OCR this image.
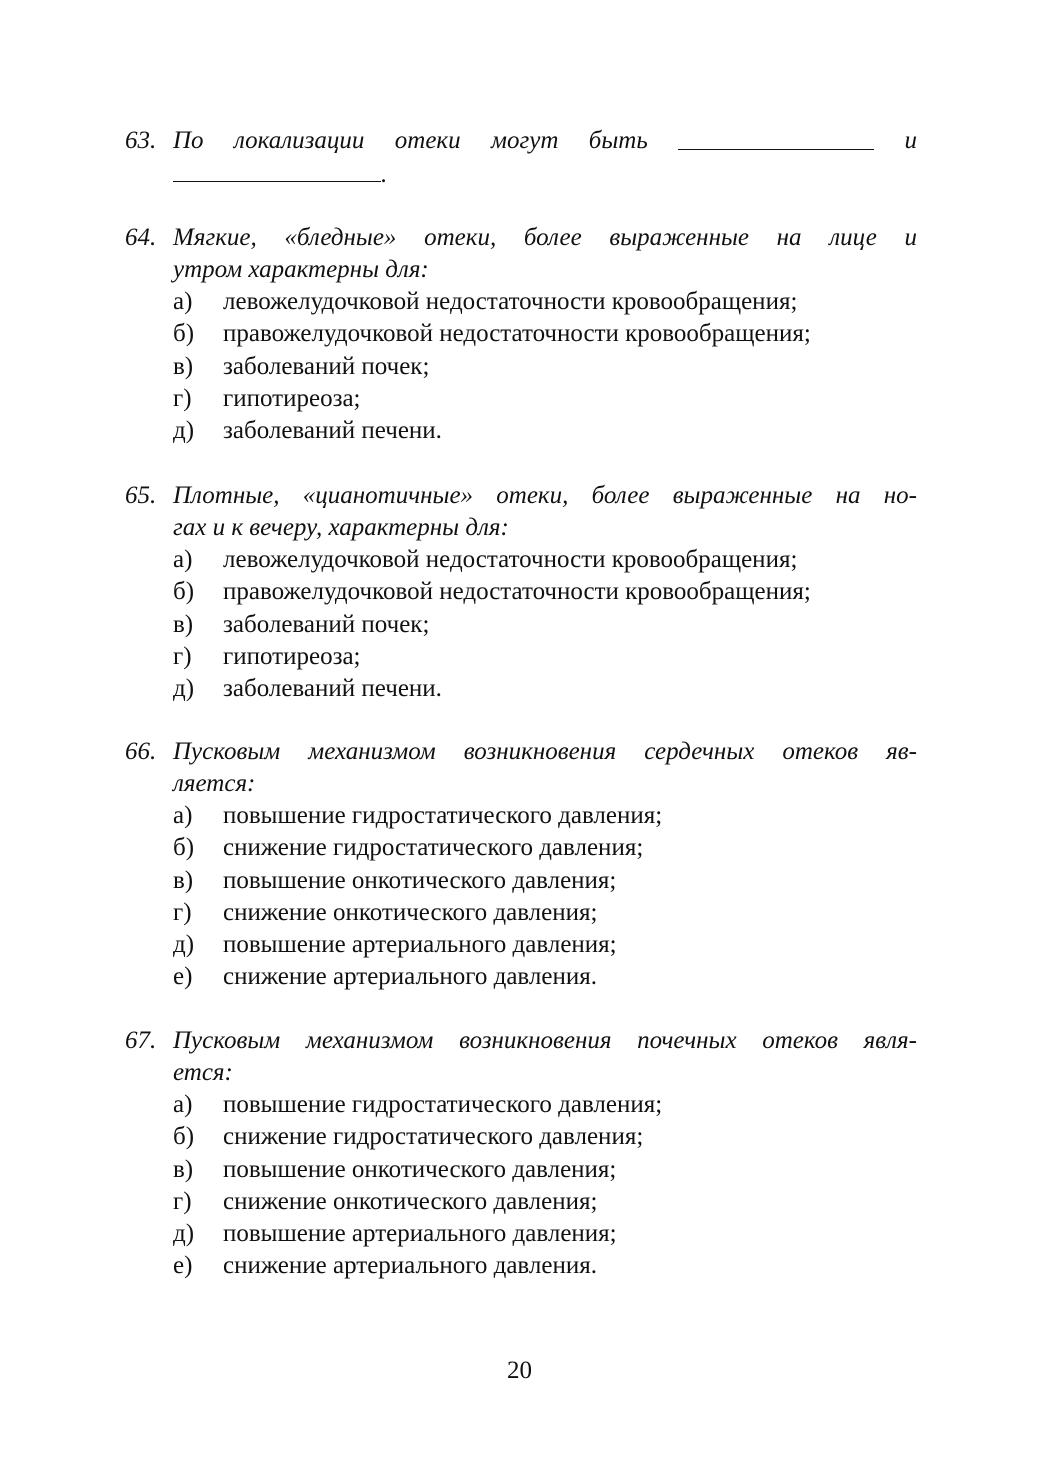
63. По локализации отеки могут быть	и
.
64. Мягкие, «бледные» отеки, более выраженные на лице и
утром характерны для:
а)	левожелудочковой недостаточности кровообращения;
б)	правожелудочковой недостаточности кровообращения;
в)	заболеваний почек;
г)	гипотиреоза;
д)	заболеваний печени.
65. Плотные, «цианотичные» отеки, более выраженные на но-
гах и к вечеру, характерны для:
а)	левожелудочковой недостаточности кровообращения;
б)	правожелудочковой недостаточности кровообращения;
в)	заболеваний почек;
г)	гипотиреоза;
д)	заболеваний печени.
66. Пусковым механизмом возникновения сердечных отеков яв-
ляется:
а)	повышение гидростатического давления;
б)	снижение гидростатического давления;
в)	повышение онкотического давления;
г)	снижение онкотического давления;
д)	повышение артериального давления;
е)	снижение артериального давления.
67. Пусковым механизмом возникновения почечных отеков явля-
ется:
а)	повышение гидростатического давления;
б)	снижение гидростатического давления;
в)	повышение онкотического давления;
г)	снижение онкотического давления;
д)	повышение артериального давления;
е)	снижение артериального давления.
20
